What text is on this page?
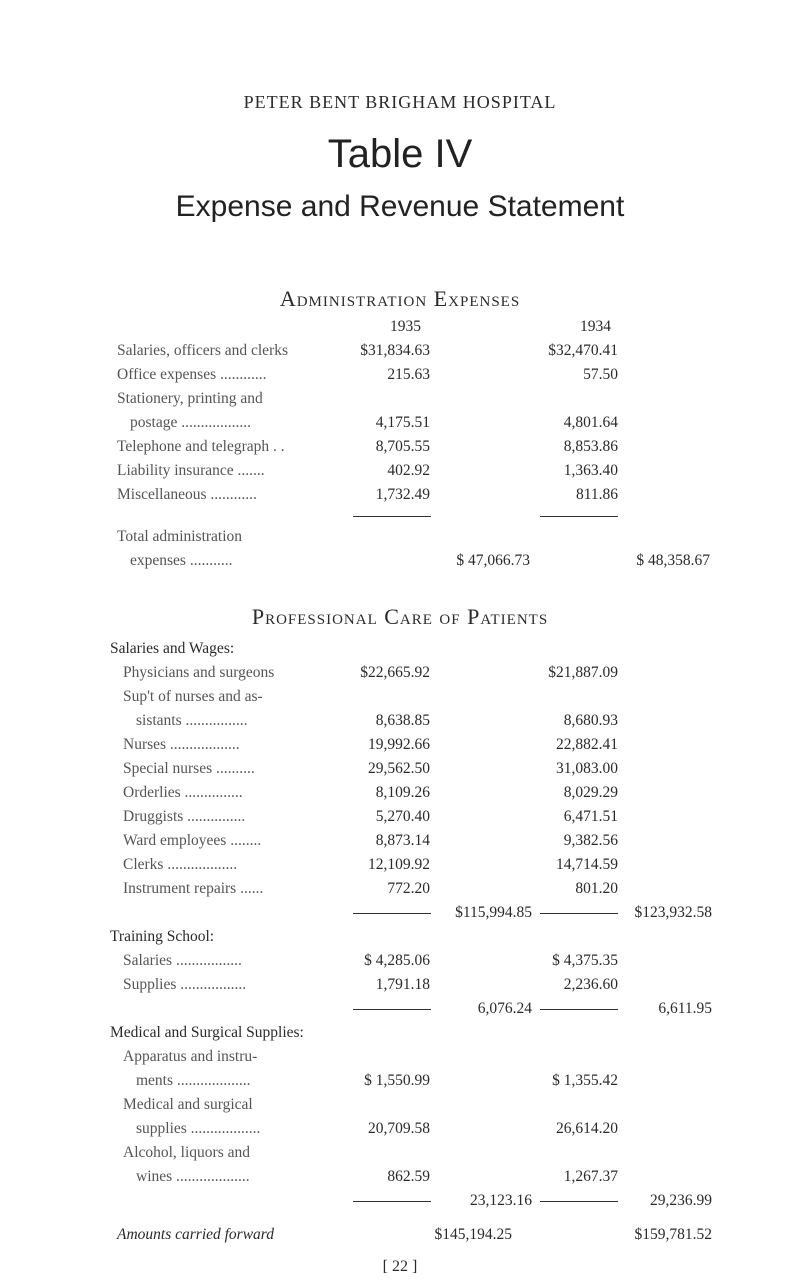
PETER BENT BRIGHAM HOSPITAL
Table IV
Expense and Revenue Statement
Administration Expenses
1935	1934
Salaries, officers and clerks	$31,834.63	$32,470.41
Office expenses ............	215.63	57.50
Stationery, printing and
postage ..................	4,175.51	4,801.64
Telephone and telegraph . .	8,705.55	8,853.86
Liability insurance .......	402.92	1,363.40
Miscellaneous ............	1,732.49	811.86
Total administration
expenses ...........	$ 47,066.73	$ 48,358.67
Professional Care of Patients
Salaries and Wages:
Physicians and surgeons	$22,665.92	$21,887.09
Sup't of nurses and as-
sistants ................	8,638.85	8,680.93
Nurses ..................	19,992.66	22,882.41
Special nurses ..........	29,562.50	31,083.00
Orderlies ...............	8,109.26	8,029.29
Druggists ...............	5,270.40	6,471.51
Ward employees ........	8,873.14	9,382.56
Clerks ..................	12,109.92	14,714.59
Instrument repairs ......	772.20	801.20
$115,994.85	$123,932.58
Training School:
Salaries .................	$ 4,285.06	$ 4,375.35
Supplies .................	1,791.18	2,236.60
6,076.24	6,611.95
Medical and Surgical Supplies:
Apparatus and instru-
ments ...................	$ 1,550.99	$ 1,355.42
Medical and surgical
supplies ..................	20,709.58	26,614.20
Alcohol, liquors and
wines ...................	862.59	1,267.37
23,123.16	29,236.99
Amounts carried forward	$145,194.25	$159,781.52
[ 22 ]
